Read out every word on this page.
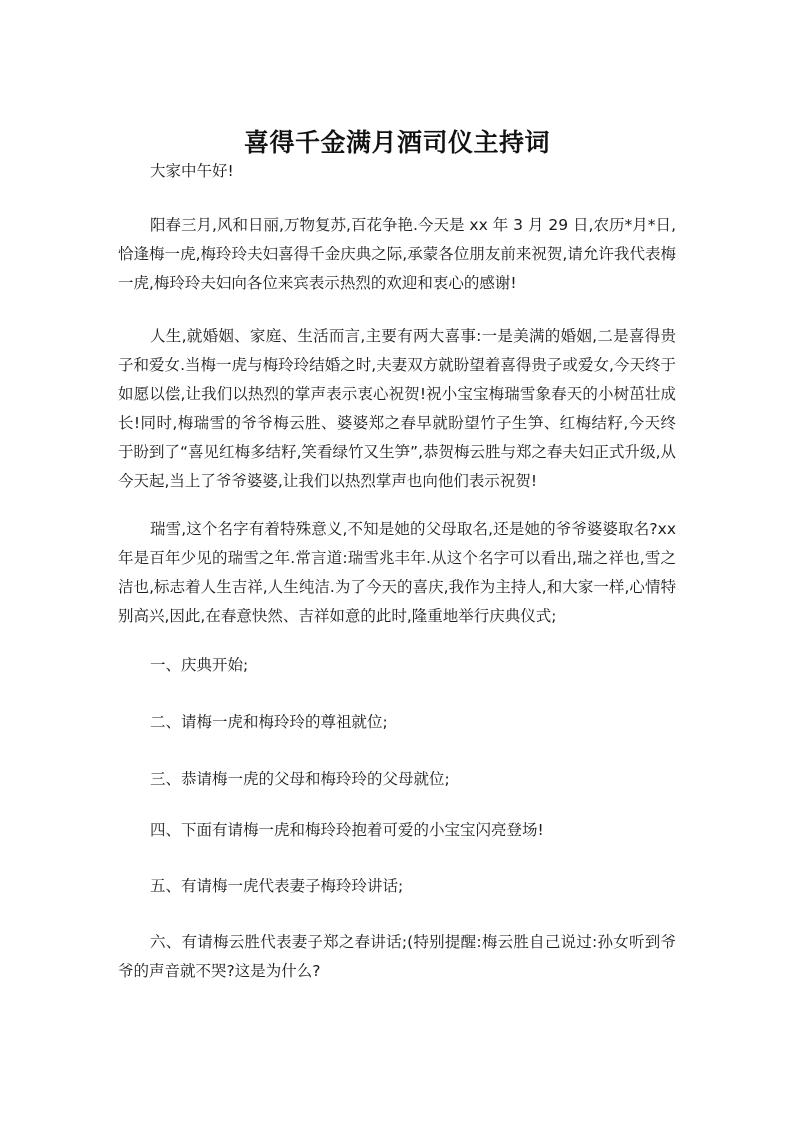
喜得千金满月酒司仪主持词

大家中午好!

阳春三月,风和日丽,万物复苏,百花争艳.今天是 xx 年 3 月 29 日,农历*月*日,恰逢梅一虎,梅玲玲夫妇喜得千金庆典之际,承蒙各位朋友前来祝贺,请允许我代表梅一虎,梅玲玲夫妇向各位来宾表示热烈的欢迎和衷心的感谢!

人生,就婚姻、家庭、生活而言,主要有两大喜事:一是美满的婚姻,二是喜得贵子和爱女.当梅一虎与梅玲玲结婚之时,夫妻双方就盼望着喜得贵子或爱女,今天终于如愿以偿,让我们以热烈的掌声表示衷心祝贺!祝小宝宝梅瑞雪象春天的小树茁壮成长!同时,梅瑞雪的爷爷梅云胜、婆婆郑之春早就盼望竹子生笋、红梅结籽,今天终于盼到了“喜见红梅多结籽,笑看绿竹又生笋”,恭贺梅云胜与郑之春夫妇正式升级,从今天起,当上了爷爷婆婆,让我们以热烈掌声也向他们表示祝贺!

瑞雪,这个名字有着特殊意义,不知是她的父母取名,还是她的爷爷婆婆取名?xx 年是百年少见的瑞雪之年.常言道:瑞雪兆丰年.从这个名字可以看出,瑞之祥也,雪之洁也,标志着人生吉祥,人生纯洁.为了今天的喜庆,我作为主持人,和大家一样,心情特别高兴,因此,在春意快然、吉祥如意的此时,隆重地举行庆典仪式;

一、庆典开始;

二、请梅一虎和梅玲玲的尊祖就位;

三、恭请梅一虎的父母和梅玲玲的父母就位;

四、下面有请梅一虎和梅玲玲抱着可爱的小宝宝闪亮登场!

五、有请梅一虎代表妻子梅玲玲讲话;

六、有请梅云胜代表妻子郑之春讲话;(特别提醒:梅云胜自己说过:孙女听到爷爷的声音就不哭?这是为什么?
